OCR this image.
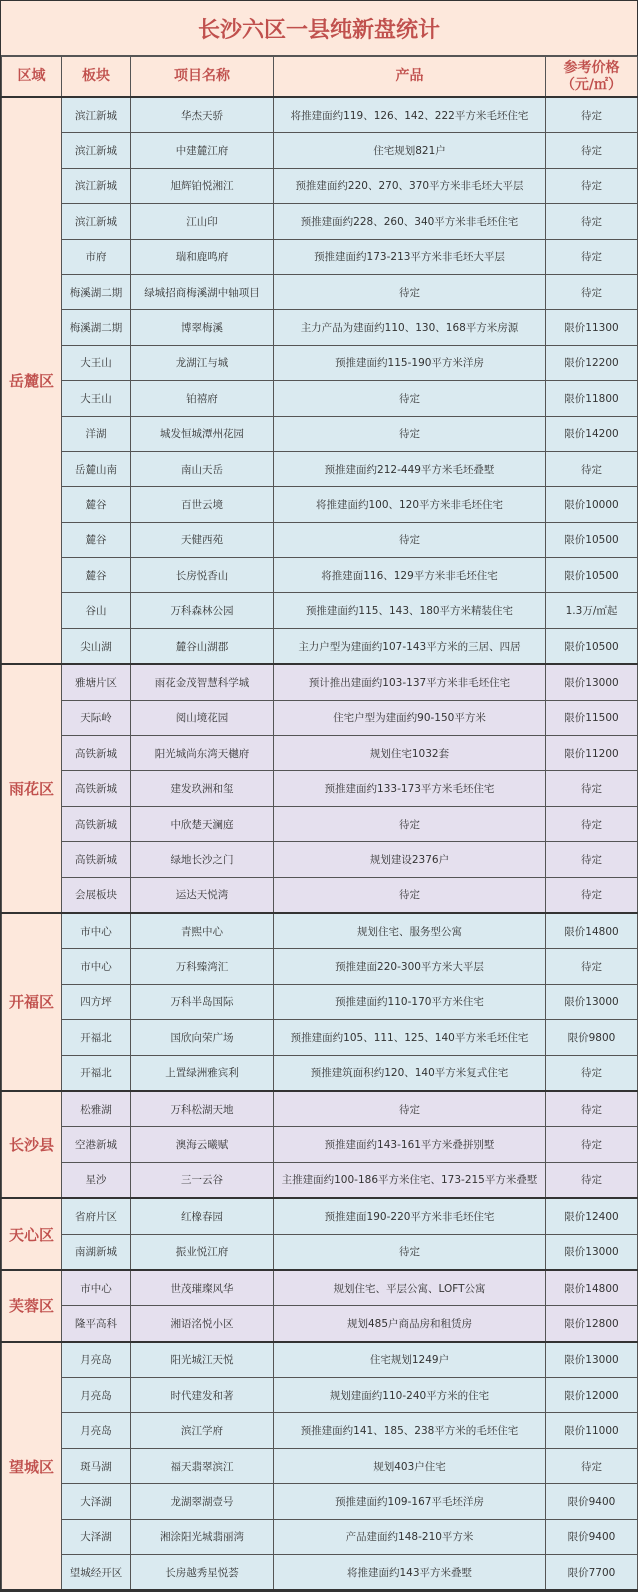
长沙六区一县纯新盘统计
区域	板块	项目名称	产品	参考价格
（元/㎡）
岳麓区	滨江新城	华杰天骄	将推建面约119、126、142、222平方米毛坯住宅	待定
	滨江新城	中建麓江府	住宅规划821户	待定
	滨江新城	旭辉铂悦湘江	预推建面约220、270、370平方米非毛坯大平层	待定
	滨江新城	江山印	预推建面约228、260、340平方米非毛坯住宅	待定
	市府	瑞和鹿鸣府	预推建面约173-213平方米非毛坯大平层	待定
	梅溪湖二期	绿城招商梅溪湖中轴项目	待定	待定
	梅溪湖二期	博翠梅溪	主力产品为建面约110、130、168平方米房源	限价11300
	大王山	龙湖江与城	预推建面约115-190平方米洋房	限价12200
	大王山	铂禧府	待定	限价11800
	洋湖	城发恒城潭州花园	待定	限价14200
	岳麓山南	南山天岳	预推建面约212-449平方米毛坯叠墅	待定
	麓谷	百世云境	将推建面约100、120平方米非毛坯住宅	限价10000
	麓谷	天健西苑	待定	限价10500
	麓谷	长房悦香山	将推建面116、129平方米非毛坯住宅	限价10500
	谷山	万科森林公园	预推建面约115、143、180平方米精装住宅	1.3万/㎡起
	尖山湖	麓谷山湖郡	主力户型为建面约107-143平方米的三居、四居	限价10500
雨花区	雅塘片区	雨花金茂智慧科学城	预计推出建面约103-137平方米非毛坯住宅	限价13000
	天际岭	阅山境花园	住宅户型为建面约90-150平方米	限价11500
	高铁新城	阳光城尚东湾天樾府	规划住宅1032套	限价11200
	高铁新城	建发玖洲和玺	预推建面约133-173平方米毛坯住宅	待定
	高铁新城	中欣楚天澜庭	待定	待定
	高铁新城	绿地长沙之门	规划建设2376户	待定
	会展板块	运达天悦湾	待定	待定
开福区	市中心	青熙中心	规划住宅、服务型公寓	限价14800
	市中心	万科臻湾汇	预推建面220-300平方米大平层	待定
	四方坪	万科半岛国际	预推建面约110-170平方米住宅	限价13000
	开福北	国欣向荣广场	预推建面约105、111、125、140平方米毛坯住宅	限价9800
	开福北	上置绿洲雅宾利	预推建筑面积约120、140平方米复式住宅	待定
长沙县	松雅湖	万科松湖天地	待定	待定
	空港新城	澳海云曦赋	预推建面约143-161平方米叠拼别墅	待定
	星沙	三一云谷	主推建面约100-186平方米住宅、173-215平方米叠墅	待定
天心区	省府片区	红橡春园	预推建面190-220平方米非毛坯住宅	限价12400
	南湖新城	振业悦江府	待定	限价13000
芙蓉区	市中心	世茂璀璨风华	规划住宅、平层公寓、LOFT公寓	限价14800
	隆平高科	湘语洺悦小区	规划485户商品房和租赁房	限价12800
望城区	月亮岛	阳光城江天悦	住宅规划1249户	限价13000
	月亮岛	时代建发和著	规划建面约110-240平方米的住宅	限价12000
	月亮岛	滨江学府	预推建面约141、185、238平方米的毛坯住宅	限价11000
	斑马湖	福天翡翠滨江	规划403户住宅	待定
	大泽湖	龙湖翠湖壹号	预推建面约109-167平毛坯洋房	限价9400
	大泽湖	湘涂阳光城翡丽湾	产品建面约148-210平方米	限价9400
	望城经开区	长房越秀星悦荟	将推建面约143平方米叠墅	限价7700
